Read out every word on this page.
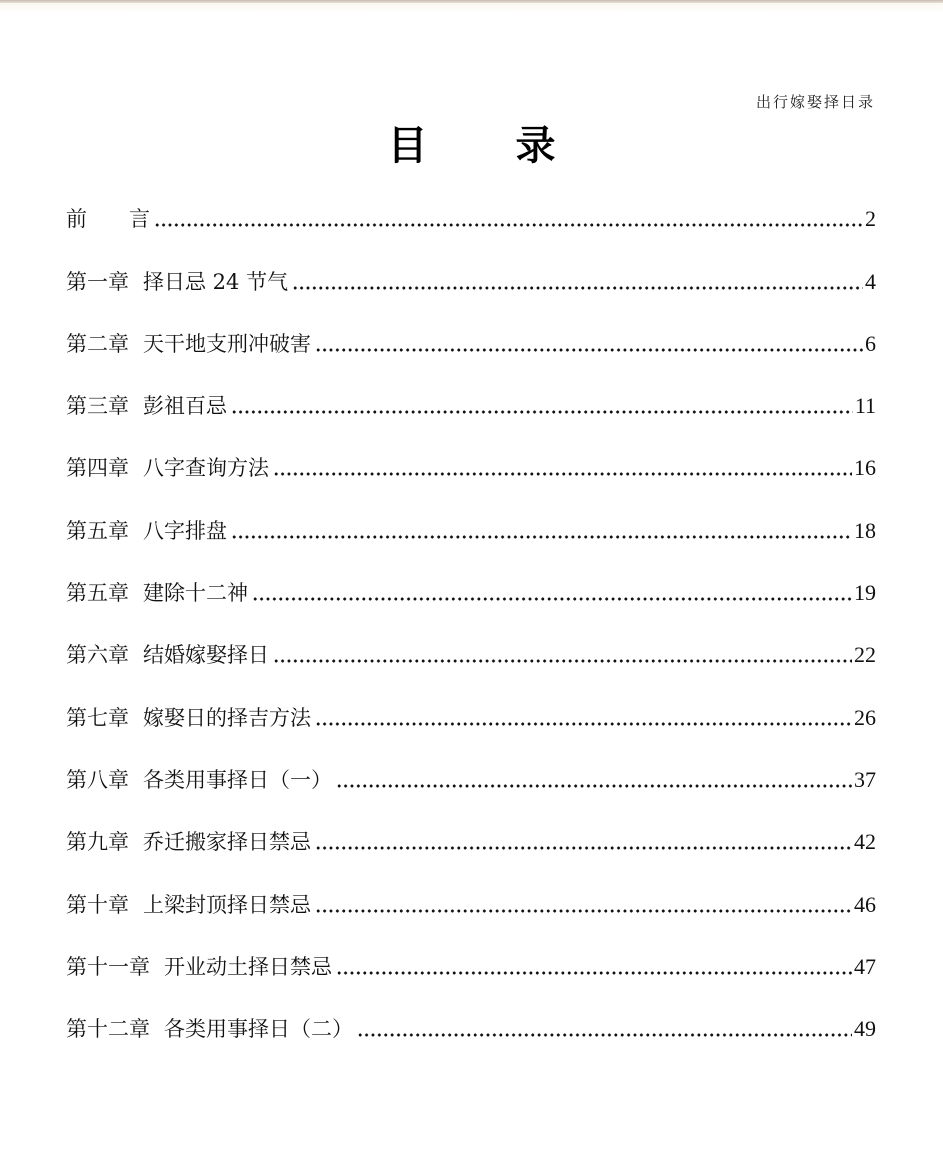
出行嫁娶择日录
目 录
前 言	2
第一章 择日忌 24 节气	4
第二章 天干地支刑冲破害	6
第三章 彭祖百忌	11
第四章 八字查询方法	16
第五章 八字排盘	18
第五章 建除十二神	19
第六章 结婚嫁娶择日	22
第七章 嫁娶日的择吉方法	26
第八章 各类用事择日（一）	37
第九章 乔迁搬家择日禁忌	42
第十章 上梁封顶择日禁忌	46
第十一章 开业动土择日禁忌	47
第十二章 各类用事择日（二）	49
